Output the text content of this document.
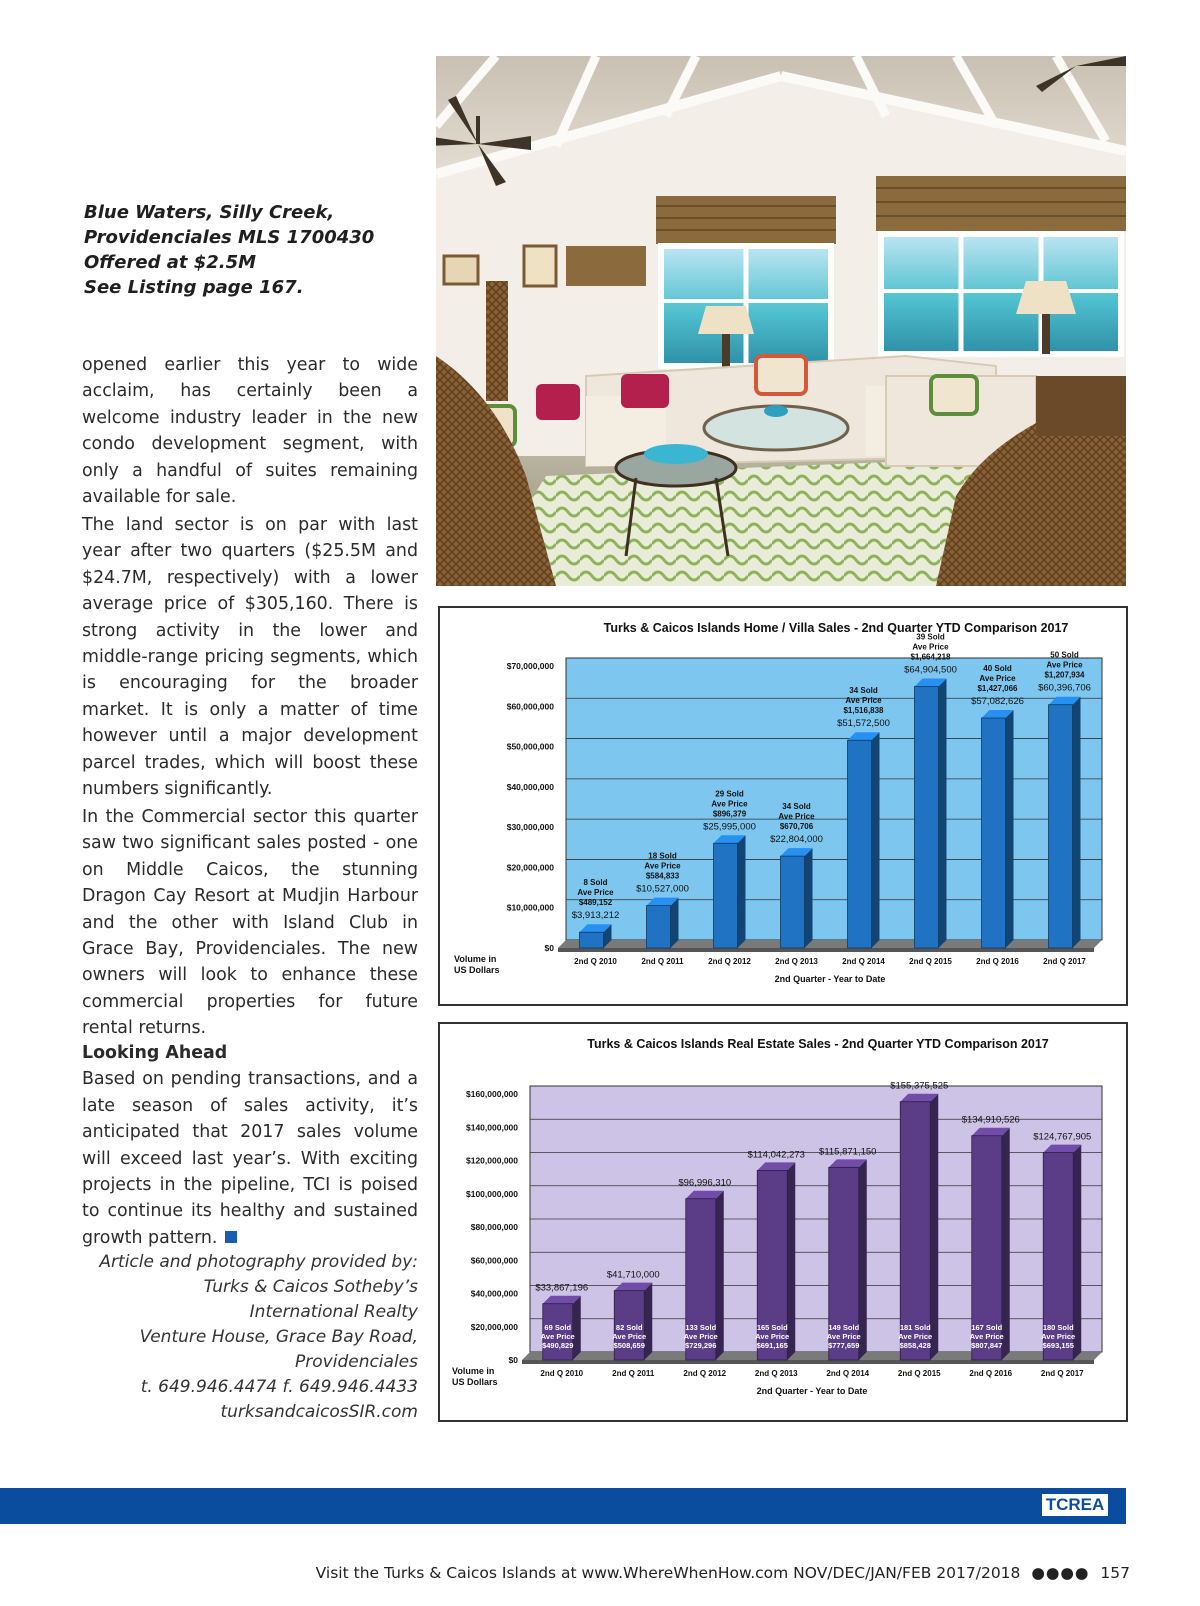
Blue Waters, Silly Creek,
Providenciales MLS 1700430
Offered at $2.5M
See Listing page 167.

opened earlier this year to wide acclaim, has certainly been a welcome industry leader in the new condo development segment, with only a handful of suites remaining available for sale.

The land sector is on par with last year after two quarters ($25.5M and $24.7M, respectively) with a lower average price of $305,160. There is strong activity in the lower and middle-range pricing segments, which is encouraging for the broader market. It is only a matter of time however until a major development parcel trades, which will boost these numbers significantly.

In the Commercial sector this quarter saw two significant sales posted - one on Middle Caicos, the stunning Dragon Cay Resort at Mudjin Harbour and the other with Island Club in Grace Bay, Providenciales. The new owners will look to enhance these commercial properties for future rental returns.

Looking Ahead

Based on pending transactions, and a late season of sales activity, it’s anticipated that 2017 sales volume will exceed last year’s. With exciting projects in the pipeline, TCI is poised to continue its healthy and sustained growth pattern.

Article and photography provided by:
Turks & Caicos Sotheby’s
International Realty
Venture House, Grace Bay Road,
Providenciales
t. 649.946.4474 f. 649.946.4433
turksandcaicosSIR.com
Turks & Caicos Islands Home / Villa Sales - 2nd Quarter YTD Comparison 2017
$0
$10,000,000
$20,000,000
$30,000,000
$40,000,000
$50,000,000
$60,000,000
$70,000,000
Volume in
US Dollars
2nd Q 2010
$3,913,212
$489,152
Ave Price
8 Sold
2nd Q 2011
$10,527,000
$584,833
Ave Price
18 Sold
2nd Q 2012
$25,995,000
$896,379
Ave Price
29 Sold
2nd Q 2013
$22,804,000
$670,706
Ave Price
34 Sold
2nd Q 2014
$51,572,500
$1,516,838
Ave Price
34 Sold
2nd Q 2015
$64,904,500
$1,664,218
Ave Price
39 Sold
2nd Q 2016
$57,082,626
$1,427,066
Ave Price
40 Sold
2nd Q 2017
$60,396,706
$1,207,934
Ave Price
50 Sold
2nd Quarter - Year to Date
Turks & Caicos Islands Real Estate Sales - 2nd Quarter YTD Comparison 2017
$0
$20,000,000
$40,000,000
$60,000,000
$80,000,000
$100,000,000
$120,000,000
$140,000,000
$160,000,000
Volume in
US Dollars
2nd Q 2010
$33,867,196
69 Sold
Ave Price
$490,829
2nd Q 2011
$41,710,000
82 Sold
Ave Price
$508,659
2nd Q 2012
$96,996,310
133 Sold
Ave Price
$729,296
2nd Q 2013
$114,042,273
165 Sold
Ave Price
$691,165
2nd Q 2014
$115,871,150
149 Sold
Ave Price
$777,659
2nd Q 2015
$155,375,525
181 Sold
Ave Price
$858,428
2nd Q 2016
$134,910,526
167 Sold
Ave Price
$807,847
2nd Q 2017
$124,767,905
180 Sold
Ave Price
$693,155
2nd Quarter - Year to Date
TCREA
Visit the Turks & Caicos Islands at www.WhereWhenHow.com NOV/DEC/JAN/FEB 2017/2018 ●●●● 157
